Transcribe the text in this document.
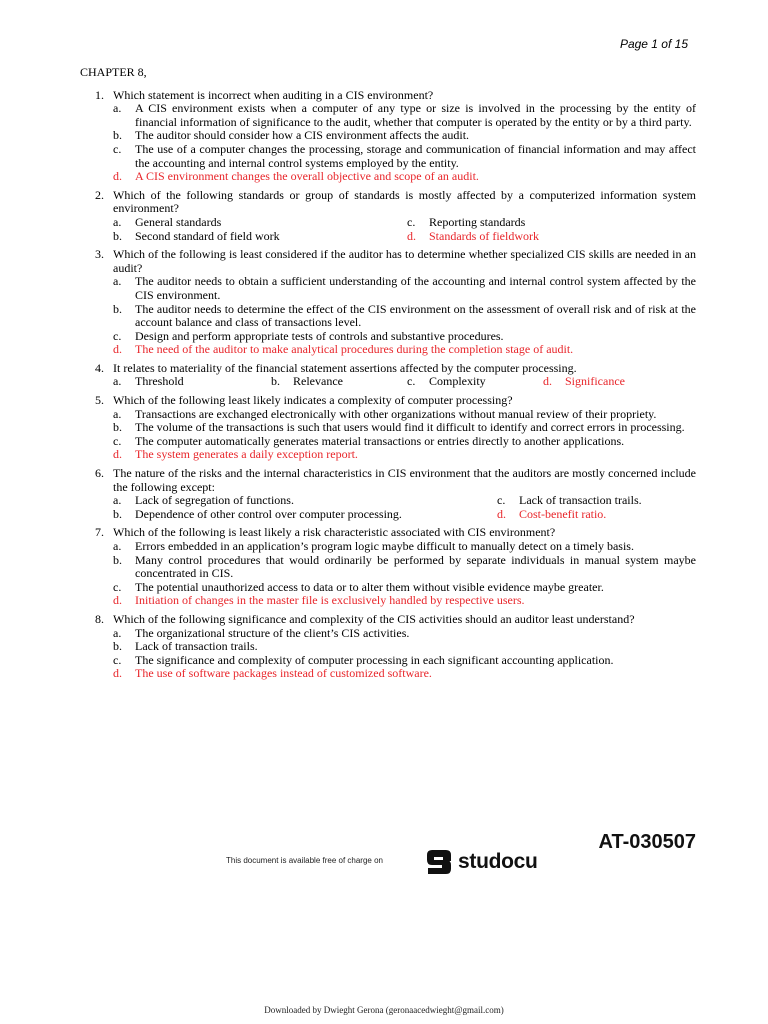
Page 1 of 15
CHAPTER 8,
1. Which statement is incorrect when auditing in a CIS environment?
a.	A CIS environment exists when a computer of any type or size is involved in the processing by the entity of financial information of significance to the audit, whether that computer is operated by the entity or by a third party.
b.	The auditor should consider how a CIS environment affects the audit.
c.	The use of a computer changes the processing, storage and communication of financial information and may affect the accounting and internal control systems employed by the entity.
d.	A CIS environment changes the overall objective and scope of an audit.
2. Which of the following standards or group of standards is mostly affected by a computerized information system environment?
a.	General standards	c.	Reporting standards
b.	Second standard of field work	d.	Standards of fieldwork
3. Which of the following is least considered if the auditor has to determine whether specialized CIS skills are needed in an audit?
a.	The auditor needs to obtain a sufficient understanding of the accounting and internal control system affected by the CIS environment.
b.	The auditor needs to determine the effect of the CIS environment on the assessment of overall risk and of risk at the account balance and class of transactions level.
c.	Design and perform appropriate tests of controls and substantive procedures.
d.	The need of the auditor to make analytical procedures during the completion stage of audit.
4. It relates to materiality of the financial statement assertions affected by the computer processing.
a.	Threshold	b.	Relevance	c.	Complexity	d.	Significance
5. Which of the following least likely indicates a complexity of computer processing?
a.	Transactions are exchanged electronically with other organizations without manual review of their propriety.
b.	The volume of the transactions is such that users would find it difficult to identify and correct errors in processing.
c.	The computer automatically generates material transactions or entries directly to another applications.
d.	The system generates a daily exception report.
6. The nature of the risks and the internal characteristics in CIS environment that the auditors are mostly concerned include the following except:
a.	Lack of segregation of functions.	c.	Lack of transaction trails.
b.	Dependence of other control over computer processing.	d.	Cost-benefit ratio.
7. Which of the following is least likely a risk characteristic associated with CIS environment?
a.	Errors embedded in an application’s program logic maybe difficult to manually detect on a timely basis.
b.	Many control procedures that would ordinarily be performed by separate individuals in manual system maybe concentrated in CIS.
c.	The potential unauthorized access to data or to alter them without visible evidence maybe greater.
d.	Initiation of changes in the master file is exclusively handled by respective users.
8. Which of the following significance and complexity of the CIS activities should an auditor least understand?
a.	The organizational structure of the client’s CIS activities.
b.	Lack of transaction trails.
c.	The significance and complexity of computer processing in each significant accounting application.
d.	The use of software packages instead of customized software.
AT-030507
This document is available free of charge on	studocu
Downloaded by Dwieght Gerona (geronaacedwieght@gmail.com)
